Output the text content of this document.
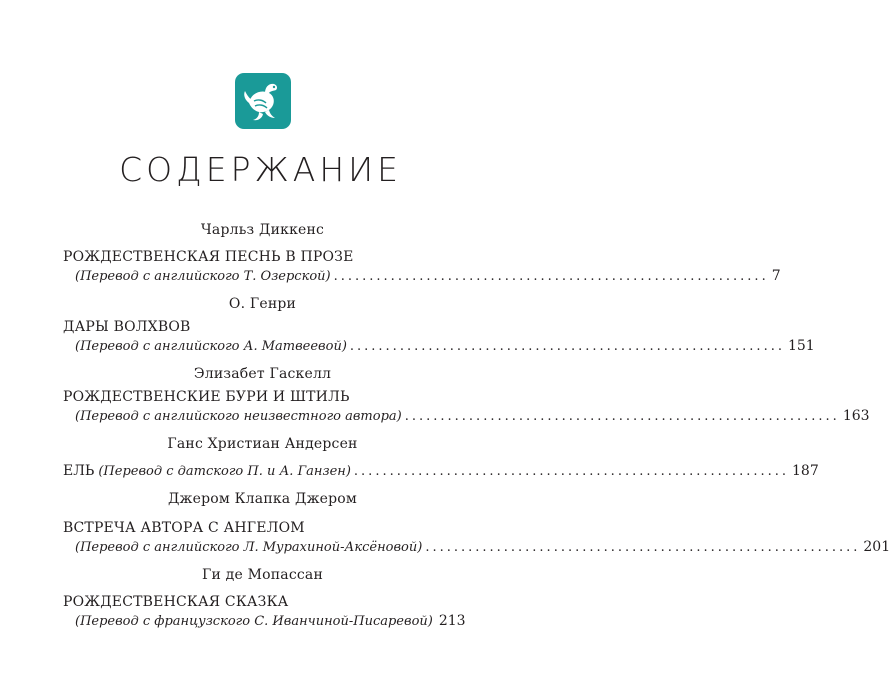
СОДЕРЖАНИЕ
Чарльз Диккенс
РОЖДЕСТВЕНСКАЯ ПЕСНЬ В ПРОЗЕ
(Перевод с английского Т. Озерской) ............................................................. 7
О. Генри
ДАРЫ ВОЛХВОВ
(Перевод с английского А. Матвеевой) ............................................................. 151
Элизабет Гаскелл
РОЖДЕСТВЕНСКИЕ БУРИ И ШТИЛЬ
(Перевод с английского неизвестного автора) ............................................................. 163
Ганс Христиан Андерсен
ЕЛЬ (Перевод с датского П. и А. Ганзен) ............................................................. 187
Джером Клапка Джером
ВСТРЕЧА АВТОРА С АНГЕЛОМ
(Перевод с английского Л. Мурахиной-Аксёновой) ............................................................. 201
Ги де Мопассан
РОЖДЕСТВЕНСКАЯ СКАЗКА
(Перевод с французского С. Иванчиной-Писаревой) 213
